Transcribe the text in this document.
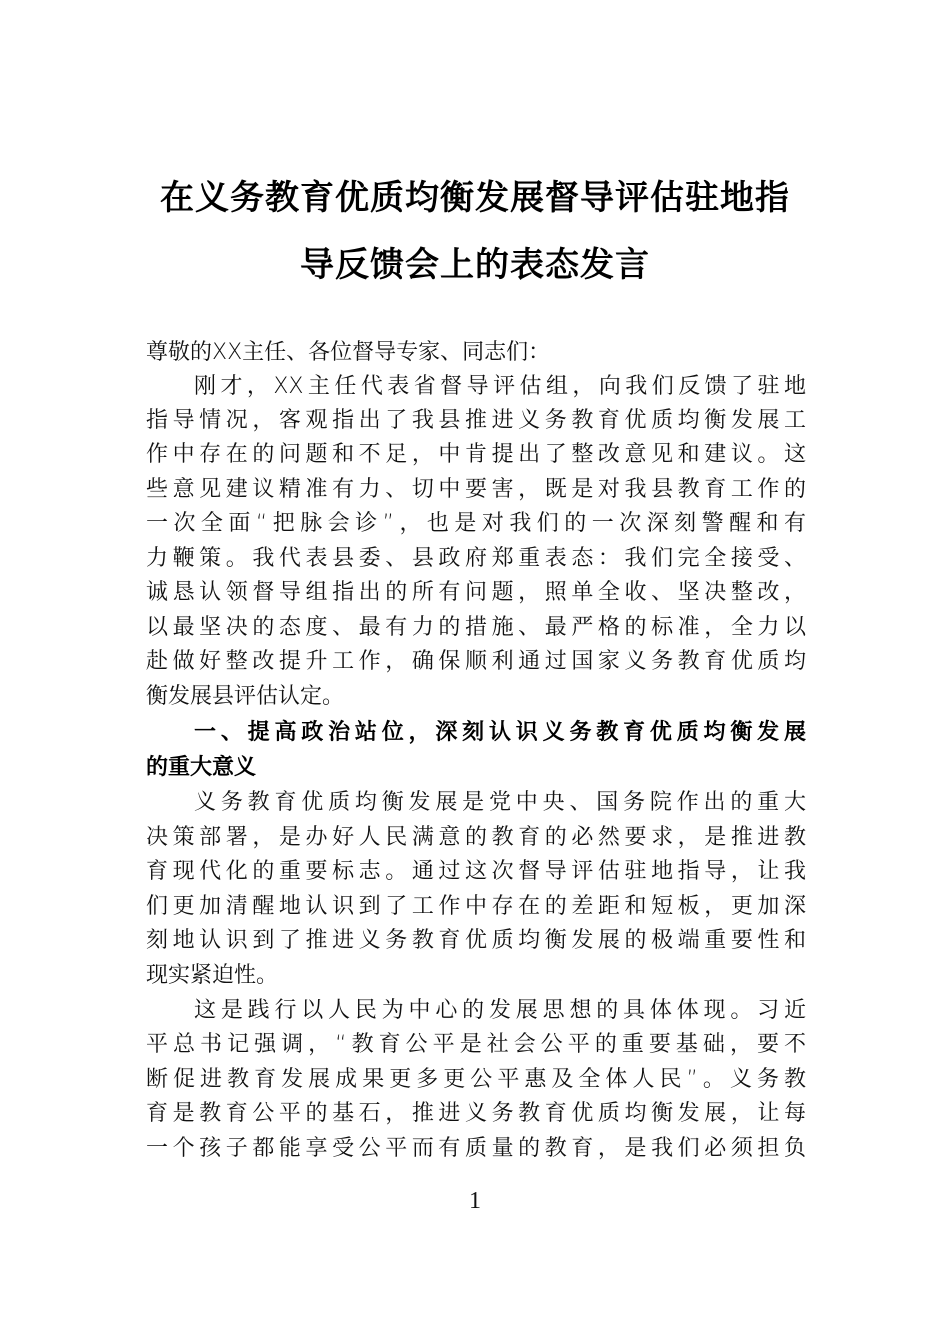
在义务教育优质均衡发展督导评估驻地指
导反馈会上的表态发言
尊敬的XX主任、各位督导专家、同志们：
刚才，XX主任代表省督导评估组，向我们反馈了驻地
指导情况，客观指出了我县推进义务教育优质均衡发展工
作中存在的问题和不足，中肯提出了整改意见和建议。这
些意见建议精准有力、切中要害，既是对我县教育工作的
一次全面“把脉会诊”，也是对我们的一次深刻警醒和有
力鞭策。我代表县委、县政府郑重表态：我们完全接受、
诚恳认领督导组指出的所有问题，照单全收、坚决整改，
以最坚决的态度、最有力的措施、最严格的标准，全力以
赴做好整改提升工作，确保顺利通过国家义务教育优质均
衡发展县评估认定。
一、提高政治站位，深刻认识义务教育优质均衡发展
的重大意义
义务教育优质均衡发展是党中央、国务院作出的重大
决策部署，是办好人民满意的教育的必然要求，是推进教
育现代化的重要标志。通过这次督导评估驻地指导，让我
们更加清醒地认识到了工作中存在的差距和短板，更加深
刻地认识到了推进义务教育优质均衡发展的极端重要性和
现实紧迫性。
这是践行以人民为中心的发展思想的具体体现。习近
平总书记强调，“教育公平是社会公平的重要基础，要不
断促进教育发展成果更多更公平惠及全体人民”。义务教
育是教育公平的基石，推进义务教育优质均衡发展，让每
一个孩子都能享受公平而有质量的教育，是我们必须担负
1
